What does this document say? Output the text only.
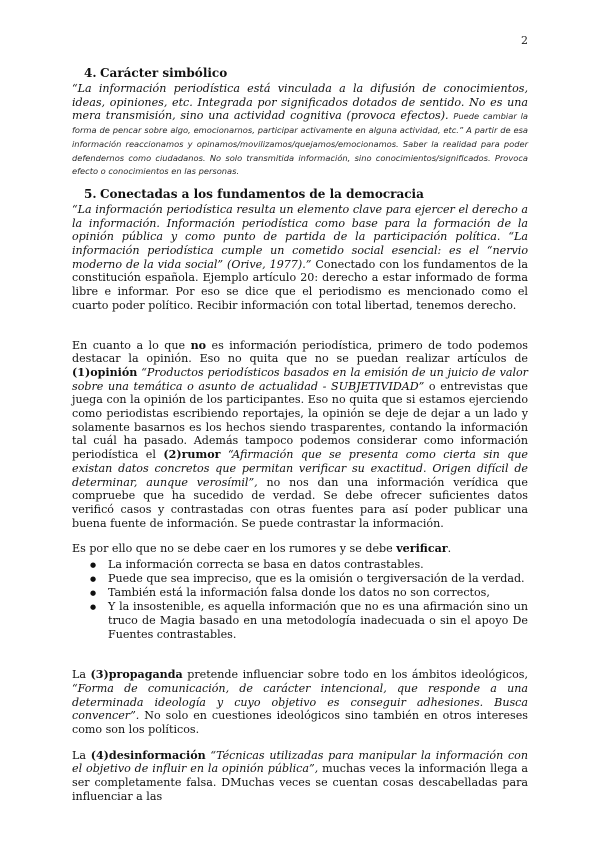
2
4. Carácter simbólico

“La información periodística está vinculada a la difusión de conocimientos, ideas, opiniones, etc. Integrada por significados dotados de sentido. No es una mera transmisión, sino una actividad cognitiva (provoca efectos). Puede cambiar la forma de pencar sobre algo, emocionarnos, participar activamente en alguna actividad, etc.” A partir de esa información reaccionamos y opinamos/movilizamos/quejamos/emocionamos. Saber la realidad para poder defendernos como ciudadanos. No solo transmitida información, sino conocimientos/significados. Provoca efecto o conocimientos en las personas.

5. Conectadas a los fundamentos de la democracia

“La información periodística resulta un elemento clave para ejercer el derecho a la información. Información periodística como base para la formación de la opinión pública y como punto de partida de la participación política. “La información periodística cumple un cometido social esencial: es el “nervio moderno de la vida social” (Orive, 1977).” Conectado con los fundamentos de la constitución española. Ejemplo artículo 20: derecho a estar informado de forma libre e informar. Por eso se dice que el periodismo es mencionado como el cuarto poder político. Recibir información con total libertad, tenemos derecho.

En cuanto a lo que no es información periodística, primero de todo podemos destacar la opinión. Eso no quita que no se puedan realizar artículos de (1)opinión “Productos periodísticos basados en la emisión de un juicio de valor sobre una temática o asunto de actualidad - SUBJETIVIDAD” o entrevistas que juega con la opinión de los participantes. Eso no quita que si estamos ejerciendo como periodistas escribiendo reportajes, la opinión se deje de dejar a un lado y solamente basarnos es los hechos siendo trasparentes, contando la información tal cuál ha pasado. Además tampoco podemos considerar como información periodística el (2)rumor “Afirmación que se presenta como cierta sin que existan datos concretos que permitan verificar su exactitud. Origen difícil de determinar, aunque verosímil”, no nos dan una información verídica que compruebe que ha sucedido de verdad. Se debe ofrecer suficientes datos verificó casos y contrastadas con otras fuentes para así poder publicar una buena fuente de información. Se puede contrastar la información.

Es por ello que no se debe caer en los rumores y se debe verificar.

● La información correcta se basa en datos contrastables.
● Puede que sea impreciso, que es la omisión o tergiversación de la verdad.
● También está la información falsa donde los datos no son correctos,
● Y la insostenible, es aquella información que no es una afirmación sino un truco de Magia basado en una metodología inadecuada o sin el apoyo De Fuentes contrastables.

La (3)propaganda pretende influenciar sobre todo en los ámbitos ideológicos, “Forma de comunicación, de carácter intencional, que responde a una determinada ideología y cuyo objetivo es conseguir adhesiones. Busca convencer”. No solo en cuestiones ideológicos sino también en otros intereses como son los políticos.

La (4)desinformación “Técnicas utilizadas para manipular la información con el objetivo de influir en la opinión pública”, muchas veces la información llega a ser completamente falsa. DMuchas veces se cuentan cosas descabelladas para influenciar a las
